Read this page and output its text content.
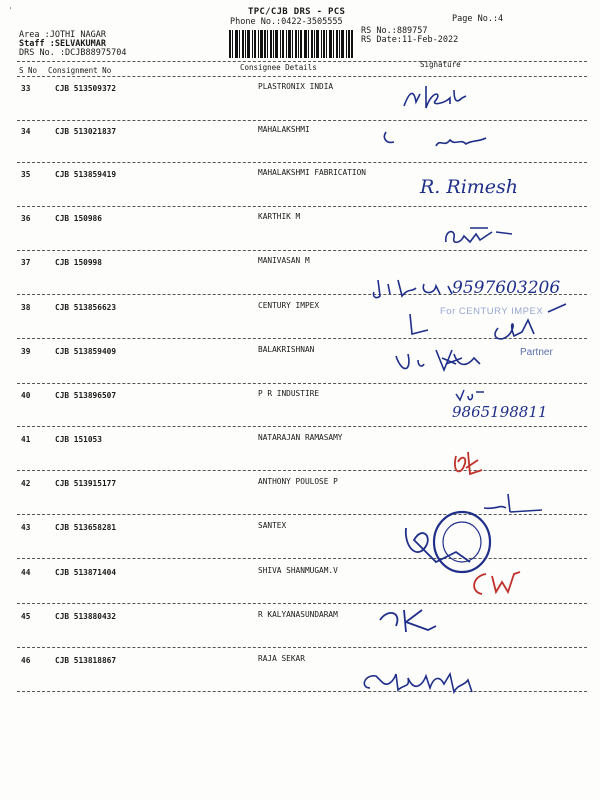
'	TPC/CJB DRS - PCS
Phone No.:0422-3505555	Page No.:4
RS No.:889757
RS Date:11-Feb-2022
Area :JOTHI NAGAR
Staff :SELVAKUMAR
DRS No. :DCJB88975704
S No Consignment No	Consignee Details	Signature
33	CJB 513509372	PLASTRONIX INDIA
34	CJB 513021837	MAHALAKSHMI
35	CJB 513859419	MAHALAKSHMI FABRICATION
36	CJB 150986	KARTHIK M
37	CJB 150998	MANIVASAN M
38	CJB 513856623	CENTURY IMPEX
39	CJB 513859409	BALAKRISHNAN
40	CJB 513896507	P R INDUSTIRE
41	CJB 151053	NATARAJAN RAMASAMY
42	CJB 513915177	ANTHONY POULOSE P
43	CJB 513658281	SANTEX
44	CJB 513871404	SHIVA SHANMUGAM.V
45	CJB 513880432	R KALYANASUNDARAM
46	CJB 513818867	RAJA SEKAR
R. Rimesh
9597603206
For CENTURY IMPEX
Partner
9865198811
